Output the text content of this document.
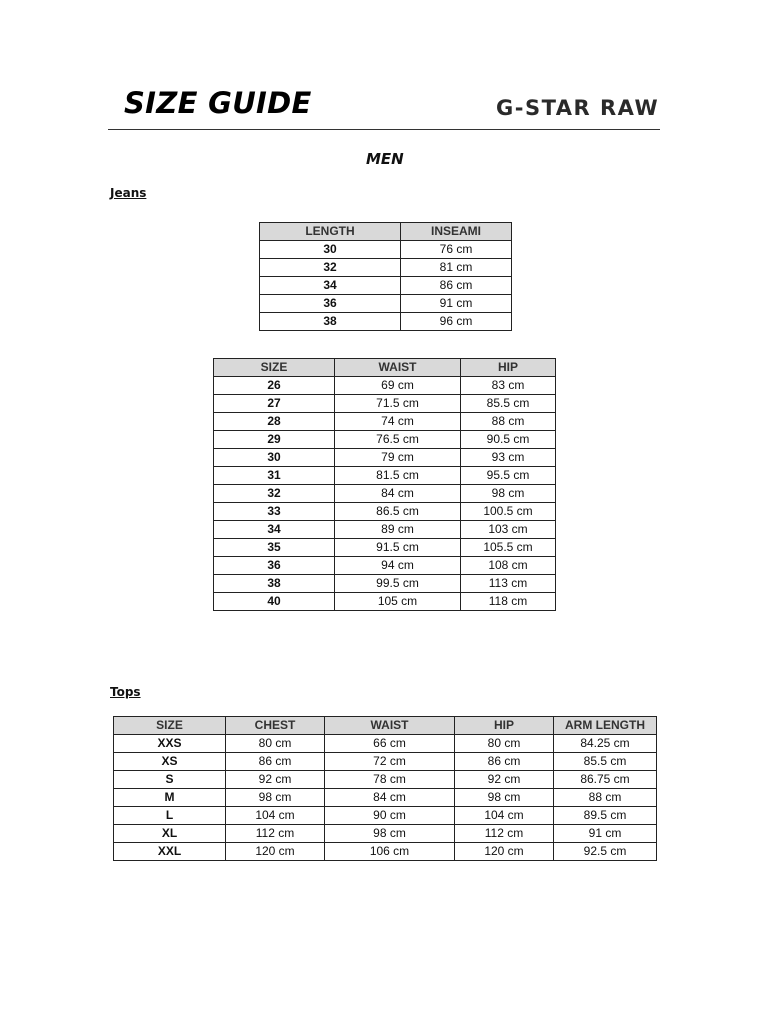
SIZE GUIDE	G-STAR RAW
MEN
Jeans
LENGTH	INSEAMI
30	76 cm
32	81 cm
34	86 cm
36	91 cm
38	96 cm
SIZE	WAIST	HIP
26	69 cm	83 cm
27	71.5 cm	85.5 cm
28	74 cm	88 cm
29	76.5 cm	90.5 cm
30	79 cm	93 cm
31	81.5 cm	95.5 cm
32	84 cm	98 cm
33	86.5 cm	100.5 cm
34	89 cm	103 cm
35	91.5 cm	105.5 cm
36	94 cm	108 cm
38	99.5 cm	113 cm
40	105 cm	118 cm
Tops
SIZE	CHEST	WAIST	HIP	ARM LENGTH
XXS	80 cm	66 cm	80 cm	84.25 cm
XS	86 cm	72 cm	86 cm	85.5 cm
S	92 cm	78 cm	92 cm	86.75 cm
M	98 cm	84 cm	98 cm	88 cm
L	104 cm	90 cm	104 cm	89.5 cm
XL	112 cm	98 cm	112 cm	91 cm
XXL	120 cm	106 cm	120 cm	92.5 cm
